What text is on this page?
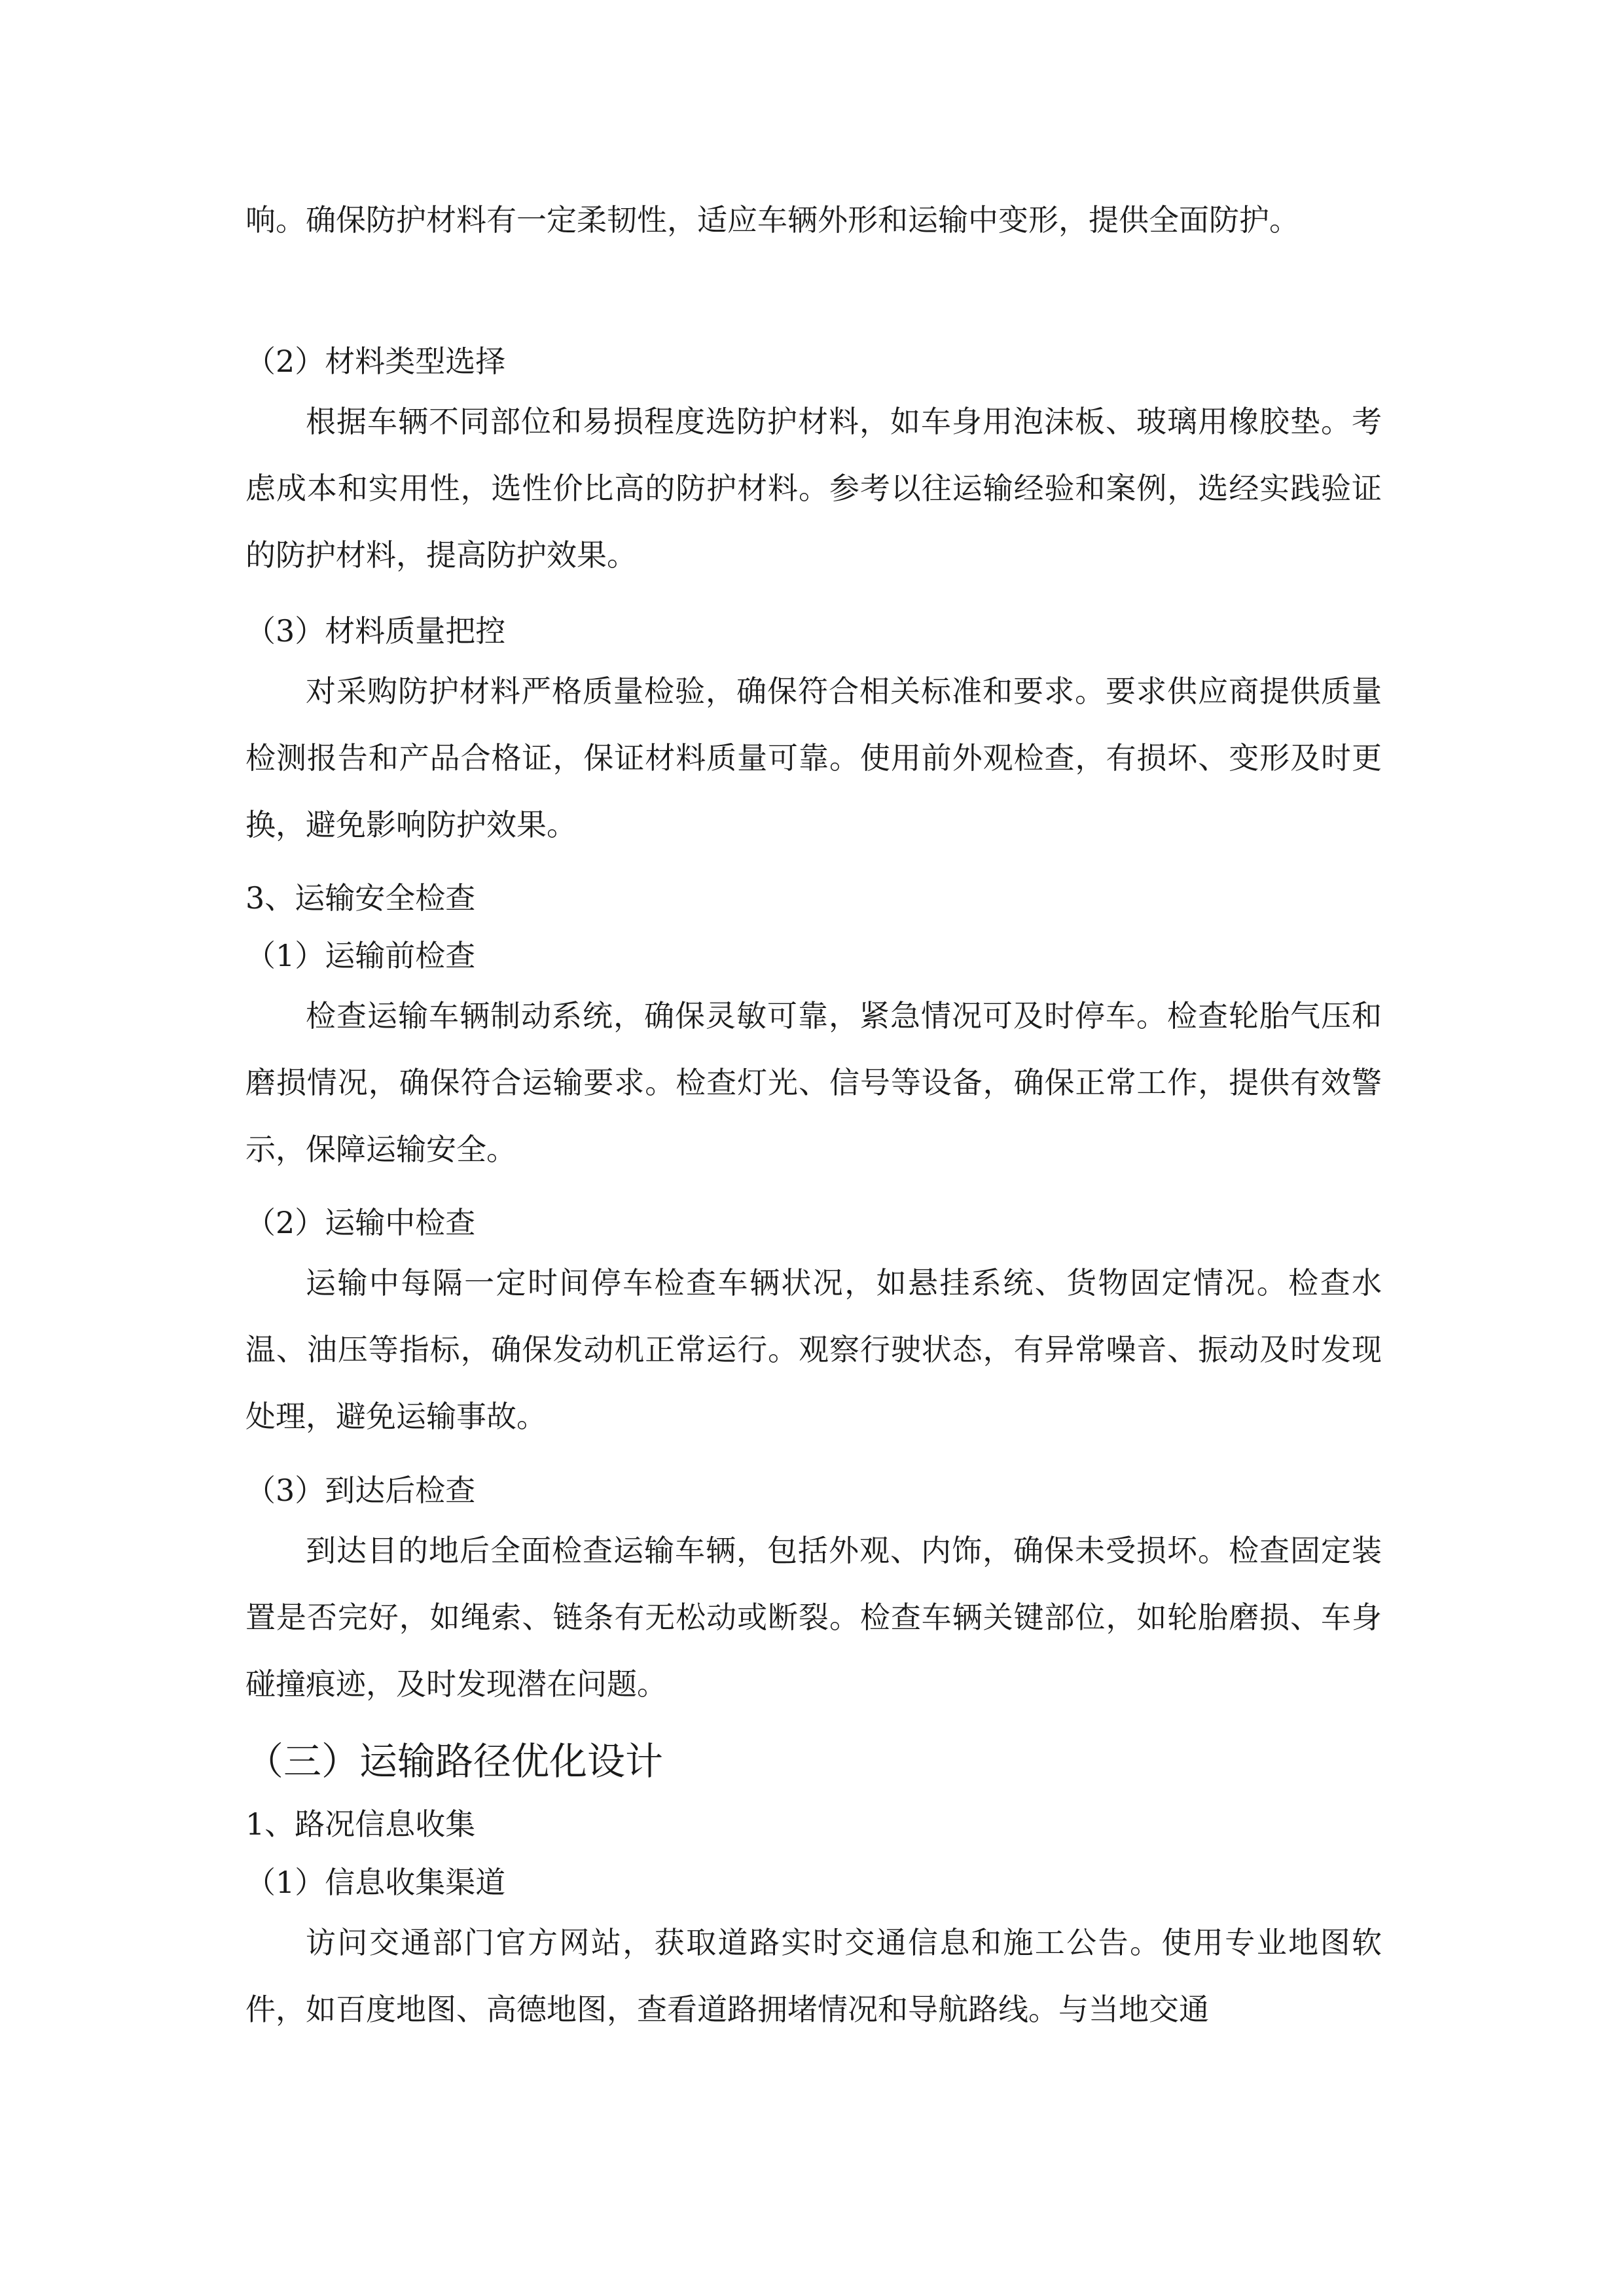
响。确保防护材料有一定柔韧性，适应车辆外形和运输中变形，提供全面防护。

（2）材料类型选择

根据车辆不同部位和易损程度选防护材料，如车身用泡沫板、玻璃用橡胶垫。考虑成本和实用性，选性价比高的防护材料。参考以往运输经验和案例，选经实践验证的防护材料，提高防护效果。

（3）材料质量把控

对采购防护材料严格质量检验，确保符合相关标准和要求。要求供应商提供质量检测报告和产品合格证，保证材料质量可靠。使用前外观检查，有损坏、变形及时更换，避免影响防护效果。

3、运输安全检查
（1）运输前检查

检查运输车辆制动系统，确保灵敏可靠，紧急情况可及时停车。检查轮胎气压和磨损情况，确保符合运输要求。检查灯光、信号等设备，确保正常工作，提供有效警示，保障运输安全。

（2）运输中检查

运输中每隔一定时间停车检查车辆状况，如悬挂系统、货物固定情况。检查水温、油压等指标，确保发动机正常运行。观察行驶状态，有异常噪音、振动及时发现处理，避免运输事故。

（3）到达后检查

到达目的地后全面检查运输车辆，包括外观、内饰，确保未受损坏。检查固定装置是否完好，如绳索、链条有无松动或断裂。检查车辆关键部位，如轮胎磨损、车身碰撞痕迹，及时发现潜在问题。

（三）运输路径优化设计
1、路况信息收集
（1）信息收集渠道

访问交通部门官方网站，获取道路实时交通信息和施工公告。使用专业地图软件，如百度地图、高德地图，查看道路拥堵情况和导航路线。与当地交通
